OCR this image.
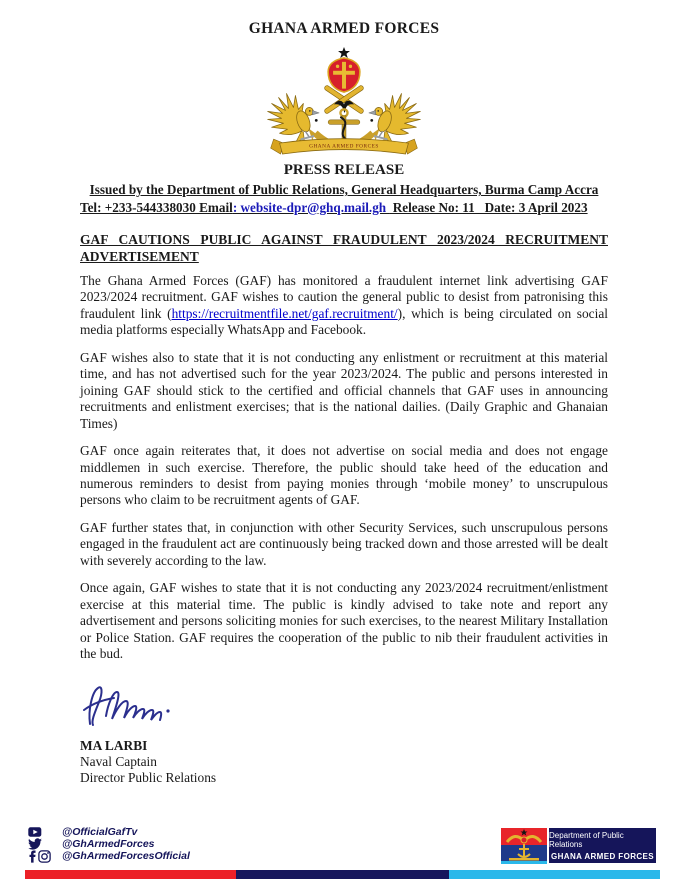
GHANA ARMED FORCES
GHANA ARMED FORCES
PRESS RELEASE
Issued by the Department of Public Relations, General Headquarters, Burma Camp Accra
Tel: +233-544338030 Email: website-dpr@ghq.mail.gh  Release No: 11   Date: 3 April 2023
GAF CAUTIONS PUBLIC AGAINST FRAUDULENT 2023/2024 RECRUITMENT
ADVERTISEMENT

The Ghana Armed Forces (GAF) has monitored a fraudulent internet link advertising GAF 2023/2024 recruitment. GAF wishes to caution the general public to desist from patronising this fraudulent link (https://recruitmentfile.net/gaf.recruitment/), which is being circulated on social media platforms especially WhatsApp and Facebook.

GAF wishes also to state that it is not conducting any enlistment or recruitment at this material time, and has not advertised such for the year 2023/2024. The public and persons interested in joining GAF should stick to the certified and official channels that GAF uses in announcing recruitments and enlistment exercises; that is the national dailies. (Daily Graphic and Ghanaian Times)

GAF once again reiterates that, it does not advertise on social media and does not engage middlemen in such exercise. Therefore, the public should take heed of the education and numerous reminders to desist from paying monies through ‘mobile money’ to unscrupulous persons who claim to be recruitment agents of GAF.

GAF further states that, in conjunction with other Security Services, such unscrupulous persons engaged in the fraudulent act are continuously being tracked down and those arrested will be dealt with severely according to the law.

Once again, GAF wishes to state that it is not conducting any 2023/2024 recruitment/enlistment exercise at this material time. The public is kindly advised to take note and report any advertisement and persons soliciting monies for such exercises, to the nearest Military Installation or Police Station. GAF requires the cooperation of the public to nib their fraudulent activities in the bud.

MA LARBI
Naval Captain
Director Public Relations
@OfficialGafTv
@GhArmedForces
@GhArmedForcesOfficial
Department of Public Relations
GHANA ARMED FORCES
